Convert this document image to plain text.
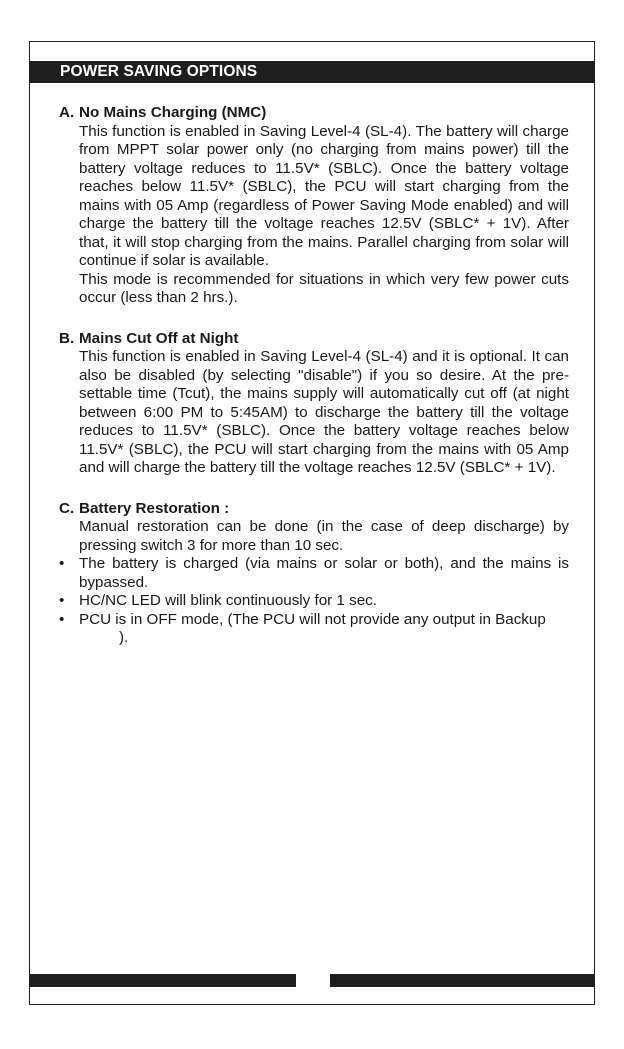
POWER SAVING OPTIONS
A. No Mains Charging (NMC)

This function is enabled in Saving Level-4 (SL-4). The battery will charge from MPPT solar power only (no charging from mains power) till the battery voltage reduces to 11.5V* (SBLC). Once the battery voltage reaches below 11.5V* (SBLC), the PCU will start charging from the mains with 05 Amp (regardless of Power Saving Mode enabled) and will charge the battery till the voltage reaches 12.5V (SBLC* + 1V). After that, it will stop charging from the mains. Parallel charging from solar will continue if solar is available.

This mode is recommended for situations in which very few power cuts occur (less than 2 hrs.).

B. Mains Cut Off at Night

This function is enabled in Saving Level-4 (SL-4) and it is optional. It can also be disabled (by selecting "disable") if you so desire. At the pre-settable time (Tcut), the mains supply will automatically cut off (at night between 6:00 PM to 5:45AM) to discharge the battery till the voltage reduces to 11.5V* (SBLC). Once the battery voltage reaches below 11.5V* (SBLC), the PCU will start charging from the mains with 05 Amp and will charge the battery till the voltage reaches 12.5V (SBLC* + 1V).

C. Battery Restoration :

Manual restoration can be done (in the case of deep discharge) by pressing switch 3 for more than 10 sec.

• The battery is charged (via mains or solar or both), and the mains is bypassed.
• HC/NC LED will blink continuously for 1 sec.
• PCU is in OFF mode, (The PCU will not provide any output in Backup
).
